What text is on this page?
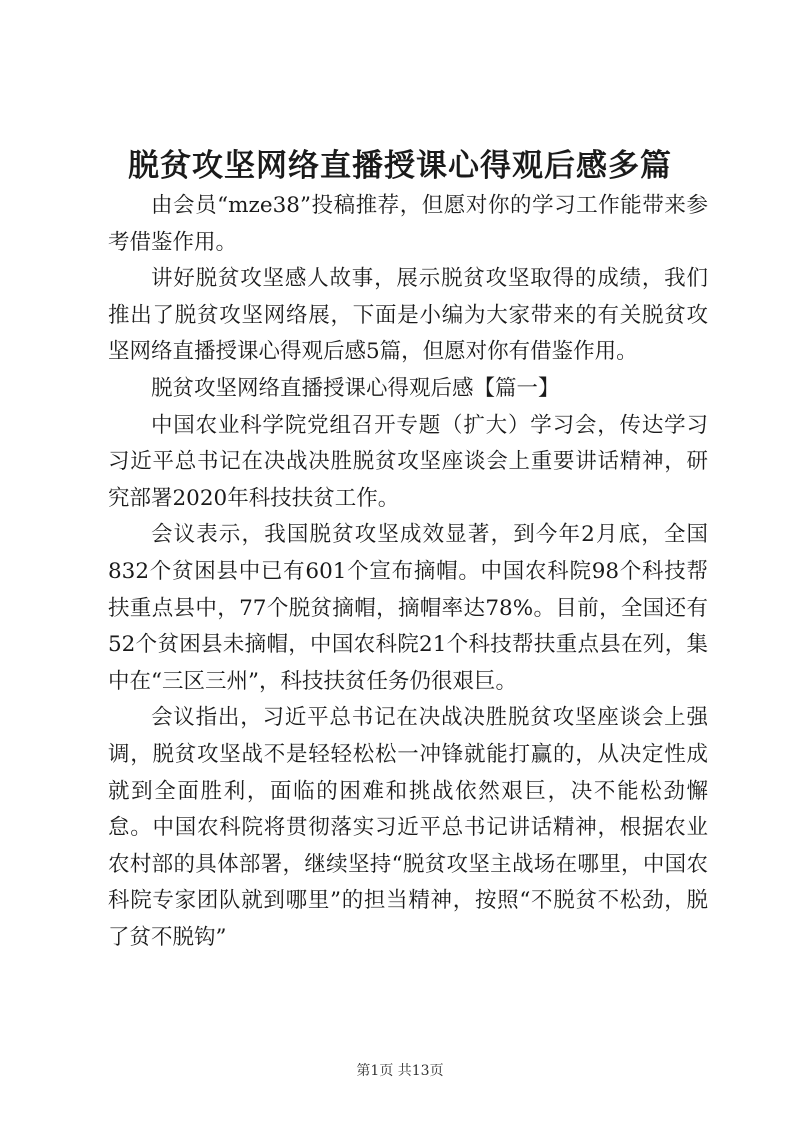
脱贫攻坚网络直播授课心得观后感多篇

由会员“mze38”投稿推荐，但愿对你的学习工作能带来参考借鉴作用。

讲好脱贫攻坚感人故事，展示脱贫攻坚取得的成绩，我们推出了脱贫攻坚网络展，下面是小编为大家带来的有关脱贫攻坚网络直播授课心得观后感5篇，但愿对你有借鉴作用。

脱贫攻坚网络直播授课心得观后感【篇一】

中国农业科学院党组召开专题（扩大）学习会，传达学习习近平总书记在决战决胜脱贫攻坚座谈会上重要讲话精神，研究部署2020年科技扶贫工作。

会议表示，我国脱贫攻坚成效显著，到今年2月底，全国832个贫困县中已有601个宣布摘帽。中国农科院98个科技帮扶重点县中，77个脱贫摘帽，摘帽率达78%。目前，全国还有52个贫困县未摘帽，中国农科院21个科技帮扶重点县在列，集中在“三区三州”，科技扶贫任务仍很艰巨。

会议指出，习近平总书记在决战决胜脱贫攻坚座谈会上强调，脱贫攻坚战不是轻轻松松一冲锋就能打赢的，从决定性成就到全面胜利，面临的困难和挑战依然艰巨，决不能松劲懈怠。中国农科院将贯彻落实习近平总书记讲话精神，根据农业农村部的具体部署，继续坚持“脱贫攻坚主战场在哪里，中国农科院专家团队就到哪里”的担当精神，按照“不脱贫不松劲，脱了贫不脱钩”

第1页 共13页
